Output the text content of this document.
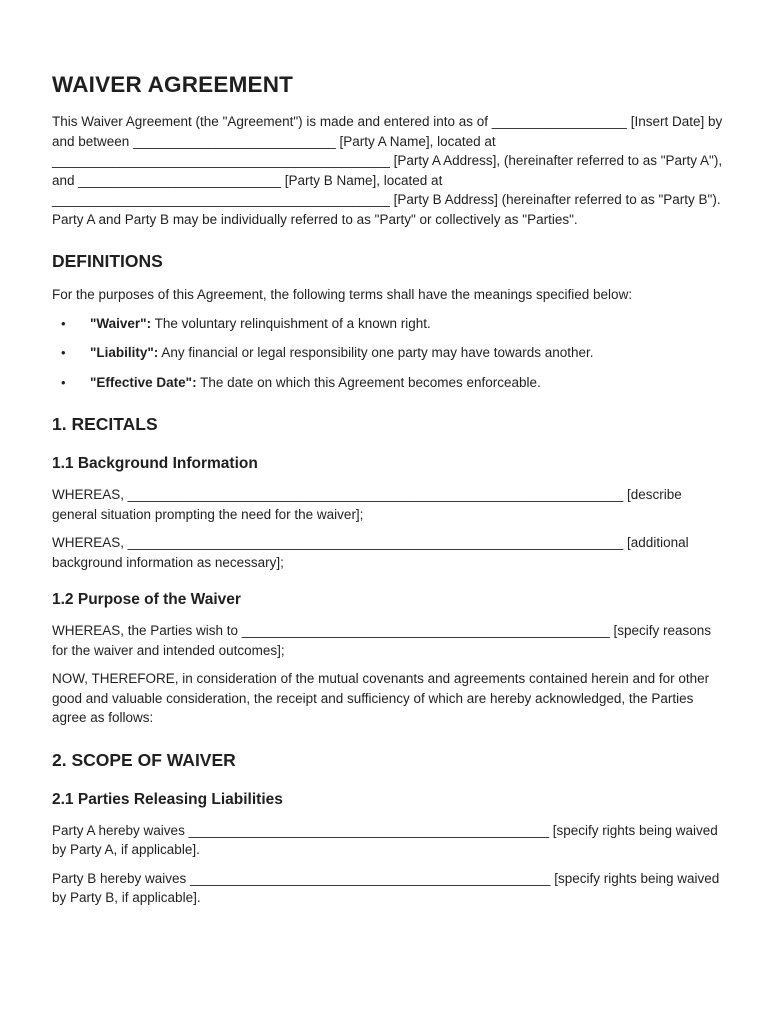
WAIVER AGREEMENT

This Waiver Agreement (the "Agreement") is made and entered into as of __________________ [Insert Date] by and between ___________________________ [Party A Name], located at _____________________________________________ [Party A Address], (hereinafter referred to as "Party A"), and ___________________________ [Party B Name], located at _____________________________________________ [Party B Address] (hereinafter referred to as "Party B"). Party A and Party B may be individually referred to as "Party" or collectively as "Parties".

DEFINITIONS

For the purposes of this Agreement, the following terms shall have the meanings specified below:

• "Waiver": The voluntary relinquishment of a known right.
• "Liability": Any financial or legal responsibility one party may have towards another.
• "Effective Date": The date on which this Agreement becomes enforceable.
1. RECITALS
1.1 Background Information

WHEREAS, __________________________________________________________________ [describe general situation prompting the need for the waiver];

WHEREAS, __________________________________________________________________ [additional background information as necessary];

1.2 Purpose of the Waiver

WHEREAS, the Parties wish to _________________________________________________ [specify reasons for the waiver and intended outcomes];

NOW, THEREFORE, in consideration of the mutual covenants and agreements contained herein and for other good and valuable consideration, the receipt and sufficiency of which are hereby acknowledged, the Parties agree as follows:

2. SCOPE OF WAIVER
2.1 Parties Releasing Liabilities

Party A hereby waives ________________________________________________ [specify rights being waived by Party A, if applicable].

Party B hereby waives ________________________________________________ [specify rights being waived by Party B, if applicable].
